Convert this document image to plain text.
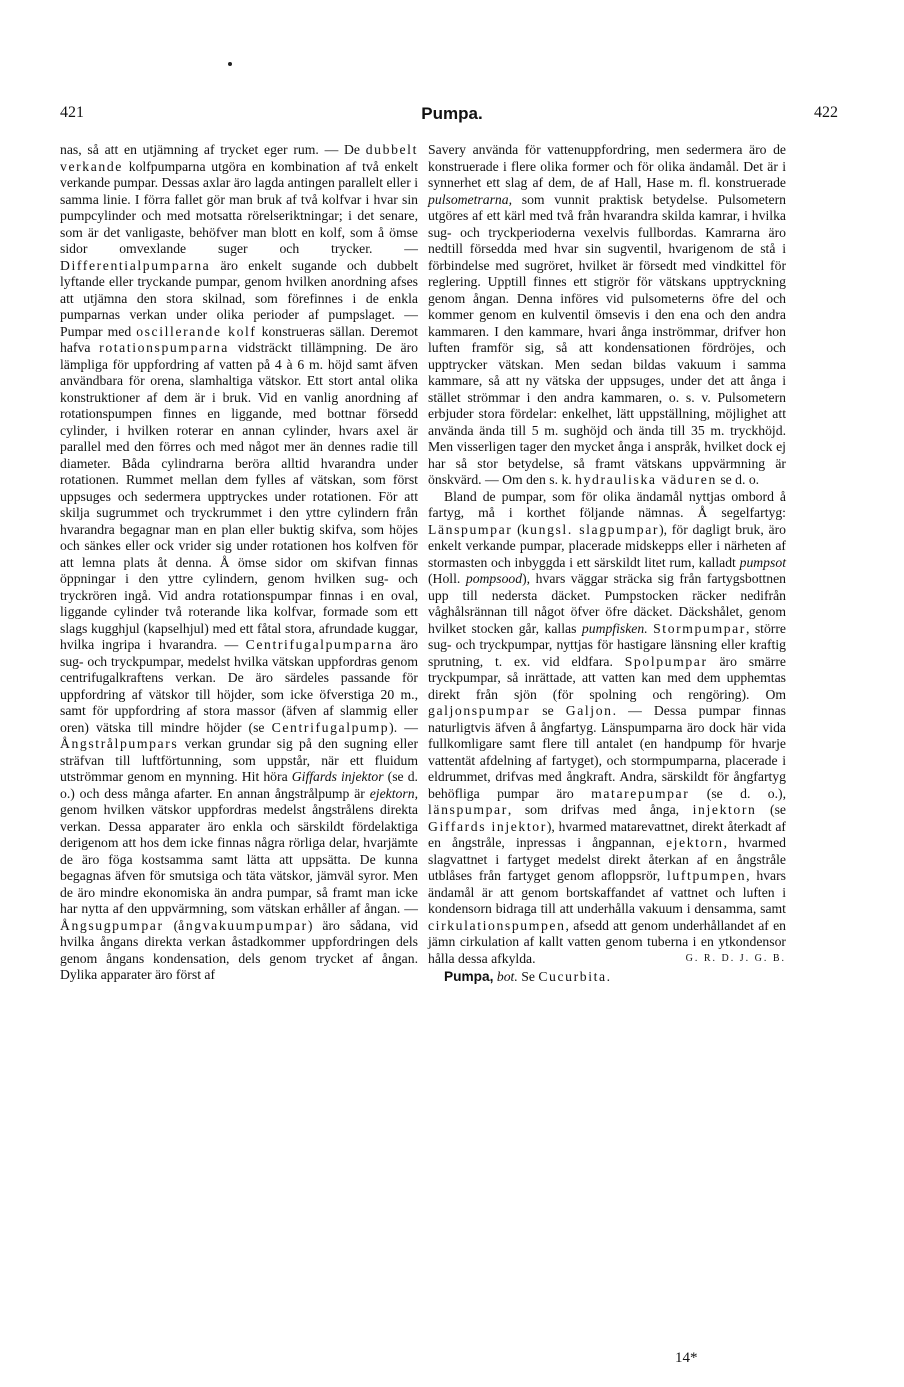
421	Pumpa.	422

nas, så att en utjämning af trycket eger rum. — De dubbelt verkande kolfpumparna utgöra en kombination af två enkelt verkande pumpar. Dessas axlar äro lagda antingen parallelt eller i samma linie. I förra fallet gör man bruk af två kolfvar i hvar sin pumpcylinder och med motsatta rörelseriktningar; i det senare, som är det vanligaste, behöfver man blott en kolf, som å ömse sidor omvexlande suger och trycker. — Differentialpumparna äro enkelt sugande och dubbelt lyftande eller tryckande pumpar, genom hvilken anordning afses att utjämna den stora skilnad, som förefinnes i de enkla pumparnas verkan under olika perioder af pumpslaget. — Pumpar med oscillerande kolf konstrueras sällan. Deremot hafva rotationspumparna vidsträckt tillämpning. De äro lämpliga för uppfordring af vatten på 4 à 6 m. höjd samt äfven användbara för orena, slamhaltiga vätskor. Ett stort antal olika konstruktioner af dem är i bruk. Vid en vanlig anordning af rotationspumpen finnes en liggande, med bottnar försedd cylinder, i hvilken roterar en annan cylinder, hvars axel är parallel med den förres och med något mer än dennes radie till diameter. Båda cylindrarna beröra alltid hvarandra under rotationen. Rummet mellan dem fylles af vätskan, som först uppsuges och sedermera upptryckes under rotationen. För att skilja sugrummet och tryckrummet i den yttre cylindern från hvarandra begagnar man en plan eller buktig skifva, som höjes och sänkes eller ock vrider sig under rotationen hos kolfven för att lemna plats åt denna. Å ömse sidor om skifvan finnas öppningar i den yttre cylindern, genom hvilken sug- och tryckrören ingå. Vid andra rotationspumpar finnas i en oval, liggande cylinder två roterande lika kolfvar, formade som ett slags kugghjul (kapselhjul) med ett fåtal stora, afrundade kuggar, hvilka ingripa i hvarandra. — Centrifugalpumparna äro sug- och tryckpumpar, medelst hvilka vätskan uppfordras genom centrifugalkraftens verkan. De äro särdeles passande för uppfordring af vätskor till höjder, som icke öfverstiga 20 m., samt för uppfordring af stora massor (äfven af slammig eller oren) vätska till mindre höjder (se Centrifugalpump). — Ångstrålpumpars verkan grundar sig på den sugning eller sträfvan till luftförtunning, som uppstår, när ett fluidum utströmmar genom en mynning. Hit höra Giffards injektor (se d. o.) och dess många afarter. En annan ångstrålpump är ejektorn, genom hvilken vätskor uppfordras medelst ångstrålens direkta verkan. Dessa apparater äro enkla och särskildt fördelaktiga derigenom att hos dem icke finnas några rörliga delar, hvarjämte de äro föga kostsamma samt lätta att uppsätta. De kunna begagnas äfven för smutsiga och täta vätskor, jämväl syror. Men de äro mindre ekonomiska än andra pumpar, så framt man icke har nytta af den uppvärmning, som vätskan erhåller af ångan. — Ångsugpumpar (ångvakuumpumpar) äro sådana, vid hvilka ångans direkta verkan åstadkommer uppfordringen dels genom ångans kondensation, dels genom trycket af ångan. Dylika apparater äro först af

Savery använda för vattenuppfordring, men sedermera äro de konstruerade i flere olika former och för olika ändamål. Det är i synnerhet ett slag af dem, de af Hall, Hase m. fl. konstruerade pulsometrarna, som vunnit praktisk betydelse. Pulsometern utgöres af ett kärl med två från hvarandra skilda kamrar, i hvilka sug- och tryckperioderna vexelvis fullbordas. Kamrarna äro nedtill försedda med hvar sin sugventil, hvarigenom de stå i förbindelse med sugröret, hvilket är försedt med vindkittel för reglering. Upptill finnes ett stigrör för vätskans upptryckning genom ångan. Denna införes vid pulsometerns öfre del och kommer genom en kulventil ömsevis i den ena och den andra kammaren. I den kammare, hvari ånga inströmmar, drifver hon luften framför sig, så att kondensationen fördröjes, och upptrycker vätskan. Men sedan bildas vakuum i samma kammare, så att ny vätska der uppsuges, under det att ånga i stället strömmar i den andra kammaren, o. s. v. Pulsometern erbjuder stora fördelar: enkelhet, lätt uppställning, möjlighet att använda ända till 5 m. sughöjd och ända till 35 m. tryckhöjd. Men visserligen tager den mycket ånga i anspråk, hvilket dock ej har så stor betydelse, så framt vätskans uppvärmning är önskvärd. — Om den s. k. hydrauliska väduren se d. o.

Bland de pumpar, som för olika ändamål nyttjas ombord å fartyg, må i korthet följande nämnas. Å segelfartyg: Länspumpar (kungsl. slagpumpar), för dagligt bruk, äro enkelt verkande pumpar, placerade midskepps eller i närheten af stormasten och inbyggda i ett särskildt litet rum, kalladt pumpsot (Holl. pompsood), hvars väggar sträcka sig från fartygsbottnen upp till nedersta däcket. Pumpstocken räcker nedifrån våghålsrännan till något öfver öfre däcket. Däckshålet, genom hvilket stocken går, kallas pumpfisken. Stormpumpar, större sug- och tryckpumpar, nyttjas för hastigare länsning eller kraftig sprutning, t. ex. vid eldfara. Spolpumpar äro smärre tryckpumpar, så inrättade, att vatten kan med dem upphemtas direkt från sjön (för spolning och rengöring). Om galjonspumpar se Galjon. — Dessa pumpar finnas naturligtvis äfven å ångfartyg. Länspumparna äro dock här vida fullkomligare samt flere till antalet (en handpump för hvarje vattentät afdelning af fartyget), och stormpumparna, placerade i eldrummet, drifvas med ångkraft. Andra, särskildt för ångfartyg behöfliga pumpar äro matarepumpar (se d. o.), länspumpar, som drifvas med ånga, injektorn (se Giffards injektor), hvarmed matarevattnet, direkt återkadt af en ångstråle, inpressas i ångpannan, ejektorn, hvarmed slagvattnet i fartyget medelst direkt återkan af en ångstråle utblåses från fartyget genom afloppsrör, luftpumpen, hvars ändamål är att genom bortskaffandet af vattnet och luften i kondensorn bidraga till att underhålla vakuum i densamma, samt cirkulationspumpen, afsedd att genom underhållandet af en jämn cirkulation af kallt vatten genom tuberna i en ytkondensor hålla dessa afkylda.	G. R. D. J. G. B.

Pumpa, bot. Se Cucurbita.

14*
